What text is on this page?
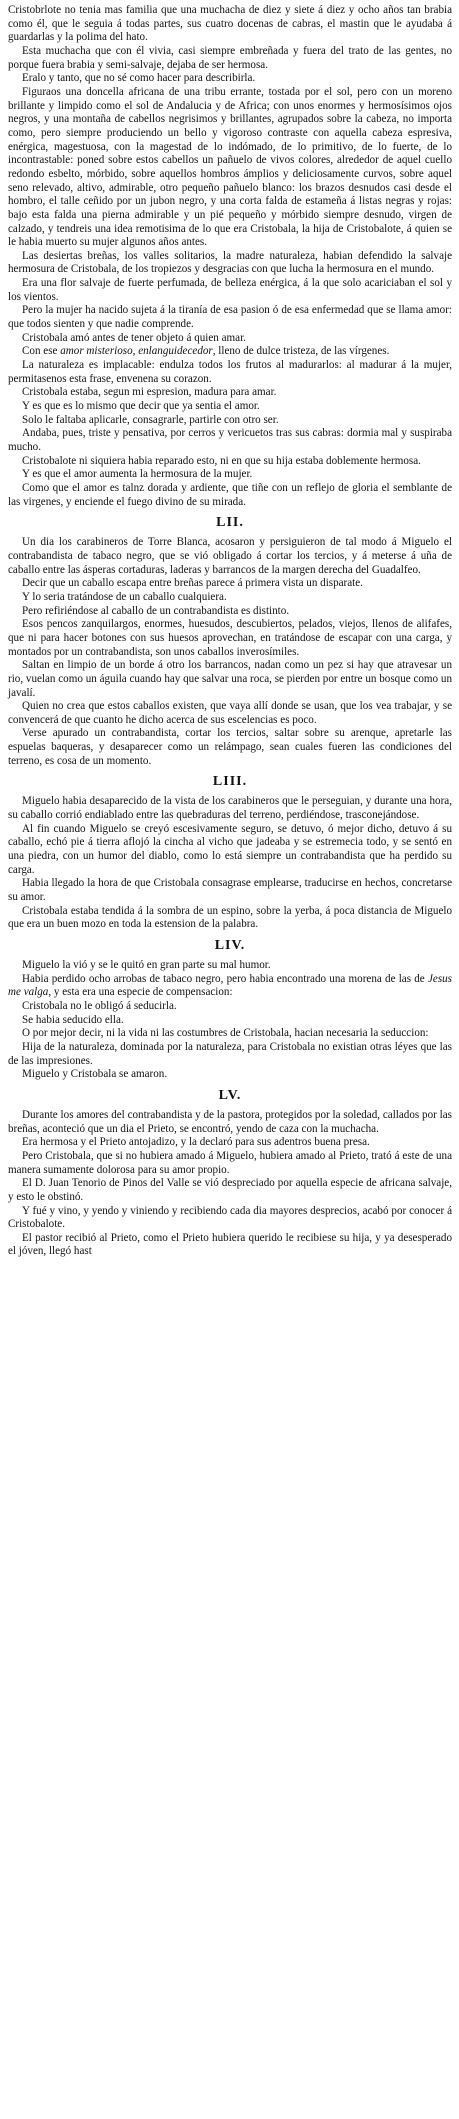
Cristobrlote no tenia mas familia que una muchacha de diez y siete á diez y ocho años tan brabia como él, que le seguia á todas partes, sus cuatro docenas de cabras, el mastin que le ayudaba á guardarlas y la polima del hato.

Esta muchacha que con él vivia, casi siempre embreñada y fuera del trato de las gentes, no porque fuera brabia y semi-salvaje, dejaba de ser hermosa.

Eralo y tanto, que no sé como hacer para describirla.

Figuraos una doncella africana de una tribu errante, tostada por el sol, pero con un moreno brillante y limpido como el sol de Andalucia y de Africa; con unos enormes y hermosísimos ojos negros, y una montaña de cabellos negrisimos y brillantes, agrupados sobre la cabeza, no importa como, pero siempre produciendo un bello y vigoroso contraste con aquella cabeza espresiva, enérgica, magestuosa, con la magestad de lo indómado, de lo primitivo, de lo fuerte, de lo incontrastable: poned sobre estos cabellos un pañuelo de vivos colores, alrededor de aquel cuello redondo esbelto, mórbido, sobre aquellos hombros ámplios y deliciosamente curvos, sobre aquel seno relevado, altivo, admirable, otro pequeño pañuelo blanco: los brazos desnudos casi desde el hombro, el talle ceñido por un jubon negro, y una corta falda de estameña á listas negras y rojas: bajo esta falda una pierna admirable y un pié pequeño y mórbido siempre desnudo, virgen de calzado, y tendreis una idea remotisima de lo que era Cristobala, la hija de Cristobalote, á quien se le habia muerto su mujer algunos años antes.

Las desiertas breñas, los valles solitarios, la madre naturaleza, habian defendido la salvaje hermosura de Cristobala, de los tropiezos y desgracias con que lucha la hermosura en el mundo.

Era una flor salvaje de fuerte perfumada, de belleza enérgica, á la que solo acariciaban el sol y los vientos.

Pero la mujer ha nacido sujeta á la tiranía de esa pasion ó de esa enfermedad que se llama amor: que todos sienten y que nadie comprende.

Cristobala amó antes de tener objeto á quien amar.

Con ese amor misterioso, enlanguidecedor, lleno de dulce tristeza, de las vírgenes.

La naturaleza es implacable: endulza todos los frutos al madurarlos: al madurar á la mujer, permitasenos esta frase, envenena su corazon.

Cristobala estaba, segun mi espresion, madura para amar.

Y es que es lo mismo que decir que ya sentia el amor.

Solo le faltaba aplicarle, consagrarle, partirle con otro ser.

Andaba, pues, triste y pensativa, por cerros y vericuetos tras sus cabras: dormia mal y suspiraba mucho.

Cristobalote ni siquiera habia reparado esto, ni en que su hija estaba doblemente hermosa.

Y es que el amor aumenta la hermosura de la mujer.

Como que el amor es talnz dorada y ardiente, que tiñe con un reflejo de gloria el semblante de las virgenes, y enciende el fuego divino de su mirada.

LII.

Un dia los carabineros de Torre Blanca, acosaron y persiguieron de tal modo á Miguelo el contrabandista de tabaco negro, que se vió obligado á cortar los tercios, y á meterse á uña de caballo entre las ásperas cortaduras, laderas y barrancos de la margen derecha del Guadalfeo.

Decir que un caballo escapa entre breñas parece á primera vista un disparate.

Y lo seria tratándose de un caballo cualquiera.

Pero refiriéndose al caballo de un contrabandista es distinto.

Esos pencos zanquilargos, enormes, huesudos, descubiertos, pelados, viejos, llenos de alifafes, que ni para hacer botones con sus huesos aprovechan, en tratándose de escapar con una carga, y montados por un contrabandista, son unos caballos inverosímiles.

Saltan en limpio de un borde á otro los barrancos, nadan como un pez si hay que atravesar un rio, vuelan como un águila cuando hay que salvar una roca, se pierden por entre un bosque como un javalí.

Quien no crea que estos caballos existen, que vaya allí donde se usan, que los vea trabajar, y se convencerá de que cuanto he dicho acerca de sus escelencias es poco.

Verse apurado un contrabandista, cortar los tercios, saltar sobre su arenque, apretarle las espuelas baqueras, y desaparecer como un relámpago, sean cuales fueren las condiciones del terreno, es cosa de un momento.

LIII.

Miguelo habia desaparecido de la vista de los carabineros que le perseguian, y durante una hora, su caballo corrió endiablado entre las quebraduras del terreno, perdiéndose, trasconejándose.

Al fin cuando Miguelo se creyó escesivamente seguro, se detuvo, ó mejor dicho, detuvo á su caballo, echó pie á tierra aflojó la cincha al vicho que jadeaba y se estremecia todo, y se sentó en una piedra, con un humor del diablo, como lo está siempre un contrabandista que ha perdido su carga.

Habia llegado la hora de que Cristobala consagrase emplearse, traducirse en hechos, concretarse su amor.

Cristobala estaba tendida á la sombra de un espino, sobre la yerba, á poca distancia de Miguelo que era un buen mozo en toda la estension de la palabra.

LIV.

Miguelo la vió y se le quitó en gran parte su mal humor.

Habia perdido ocho arrobas de tabaco negro, pero habia encontrado una morena de las de Jesus me valga, y esta era una especie de compensacion:

Cristobala no le obligó á seducirla.

Se habia seducido ella.

O por mejor decir, ni la vida ni las costumbres de Cristobala, hacian necesaria la seduccion:

Hija de la naturaleza, dominada por la naturaleza, para Cristobala no existian otras léyes que las de las impresiones.

Miguelo y Cristobala se amaron.

LV.

Durante los amores del contrabandista y de la pastora, protegidos por la soledad, callados por las breñas, aconteció que un dia el Prieto, se encontró, yendo de caza con la muchacha.

Era hermosa y el Prieto antojadizo, y la declaró para sus adentros buena presa.

Pero Cristobala, que si no hubiera amado á Miguelo, hubiera amado al Prieto, trató á este de una manera sumamente dolorosa para su amor propio.

El D. Juan Tenorio de Pinos del Valle se vió despreciado por aquella especie de africana salvaje, y esto le obstinó.

Y fué y vino, y yendo y viniendo y recibiendo cada dia mayores desprecios, acabó por conocer á Cristobalote.

El pastor recibió al Prieto, como el Prieto hubiera querido le recibiese su hija, y ya desesperado el jóven, llegó hast
